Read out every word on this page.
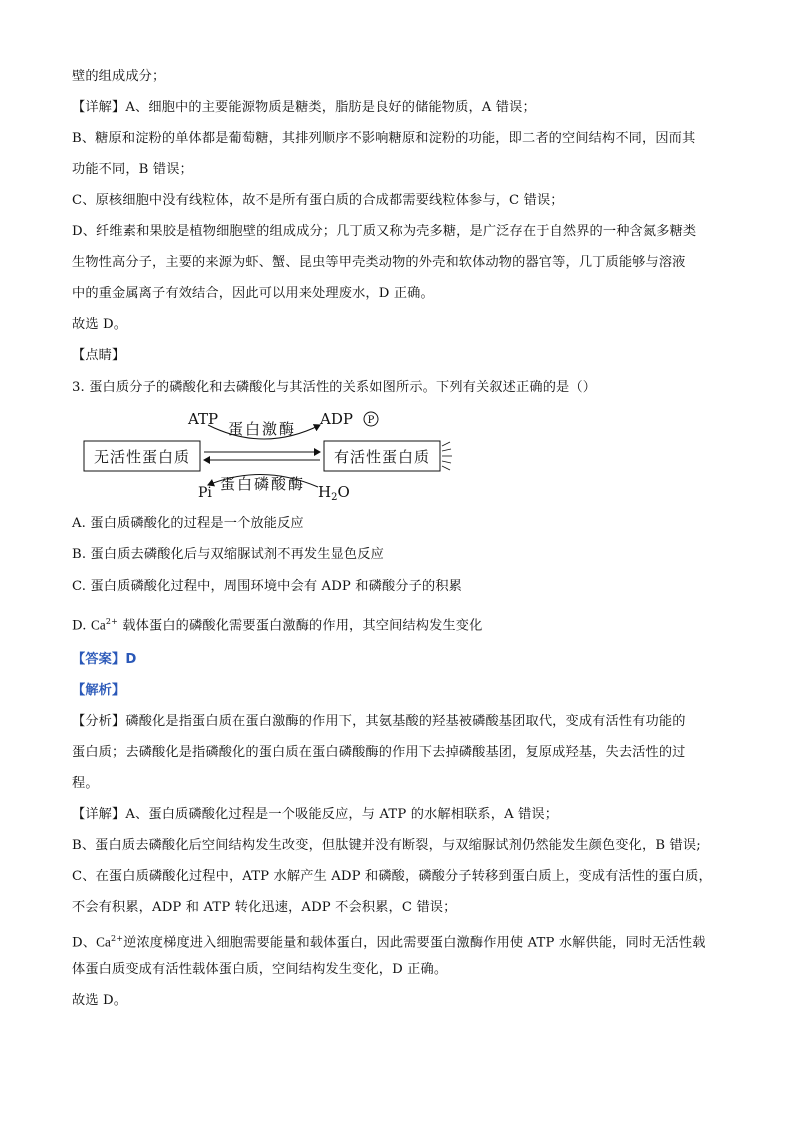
壁的组成成分；
【详解】A、细胞中的主要能源物质是糖类，脂肪是良好的储能物质，A 错误；
B、糖原和淀粉的单体都是葡萄糖，其排列顺序不影响糖原和淀粉的功能，即二者的空间结构不同，因而其
功能不同，B 错误；
C、原核细胞中没有线粒体，故不是所有蛋白质的合成都需要线粒体参与，C 错误；
D、纤维素和果胶是植物细胞壁的组成成分；几丁质又称为壳多糖，是广泛存在于自然界的一种含氮多糖类
生物性高分子，主要的来源为虾、蟹、昆虫等甲壳类动物的外壳和软体动物的器官等，几丁质能够与溶液
中的重金属离子有效结合，因此可以用来处理废水，D 正确。
故选 D。
【点睛】
3. 蛋白质分子的磷酸化和去磷酸化与其活性的关系如图所示。下列有关叙述正确的是（）
无活性蛋白质	有活性蛋白质
ATP	ADP P
蛋白激酶
蛋白磷酸酶
Pi	$H_2O$
A. 蛋白质磷酸化的过程是一个放能反应
B. 蛋白质去磷酸化后与双缩脲试剂不再发生显色反应
C. 蛋白质磷酸化过程中，周围环境中会有 ADP 和磷酸分子的积累
D. $Ca^{2+}$ 载体蛋白的磷酸化需要蛋白激酶的作用，其空间结构发生变化
【答案】D
【解析】
【分析】磷酸化是指蛋白质在蛋白激酶的作用下，其氨基酸的羟基被磷酸基团取代，变成有活性有功能的
蛋白质；去磷酸化是指磷酸化的蛋白质在蛋白磷酸酶的作用下去掉磷酸基团，复原成羟基，失去活性的过
程。
【详解】A、蛋白质磷酸化过程是一个吸能反应，与 ATP 的水解相联系，A 错误；
B、蛋白质去磷酸化后空间结构发生改变，但肽键并没有断裂，与双缩脲试剂仍然能发生颜色变化，B 错误;
C、在蛋白质磷酸化过程中，ATP 水解产生 ADP 和磷酸，磷酸分子转移到蛋白质上，变成有活性的蛋白质，
不会有积累，ADP 和 ATP 转化迅速，ADP 不会积累，C 错误；
D、$Ca^{2+}$逆浓度梯度进入细胞需要能量和载体蛋白，因此需要蛋白激酶作用使 ATP 水解供能，同时无活性载
体蛋白质变成有活性载体蛋白质，空间结构发生变化，D 正确。
故选 D。
